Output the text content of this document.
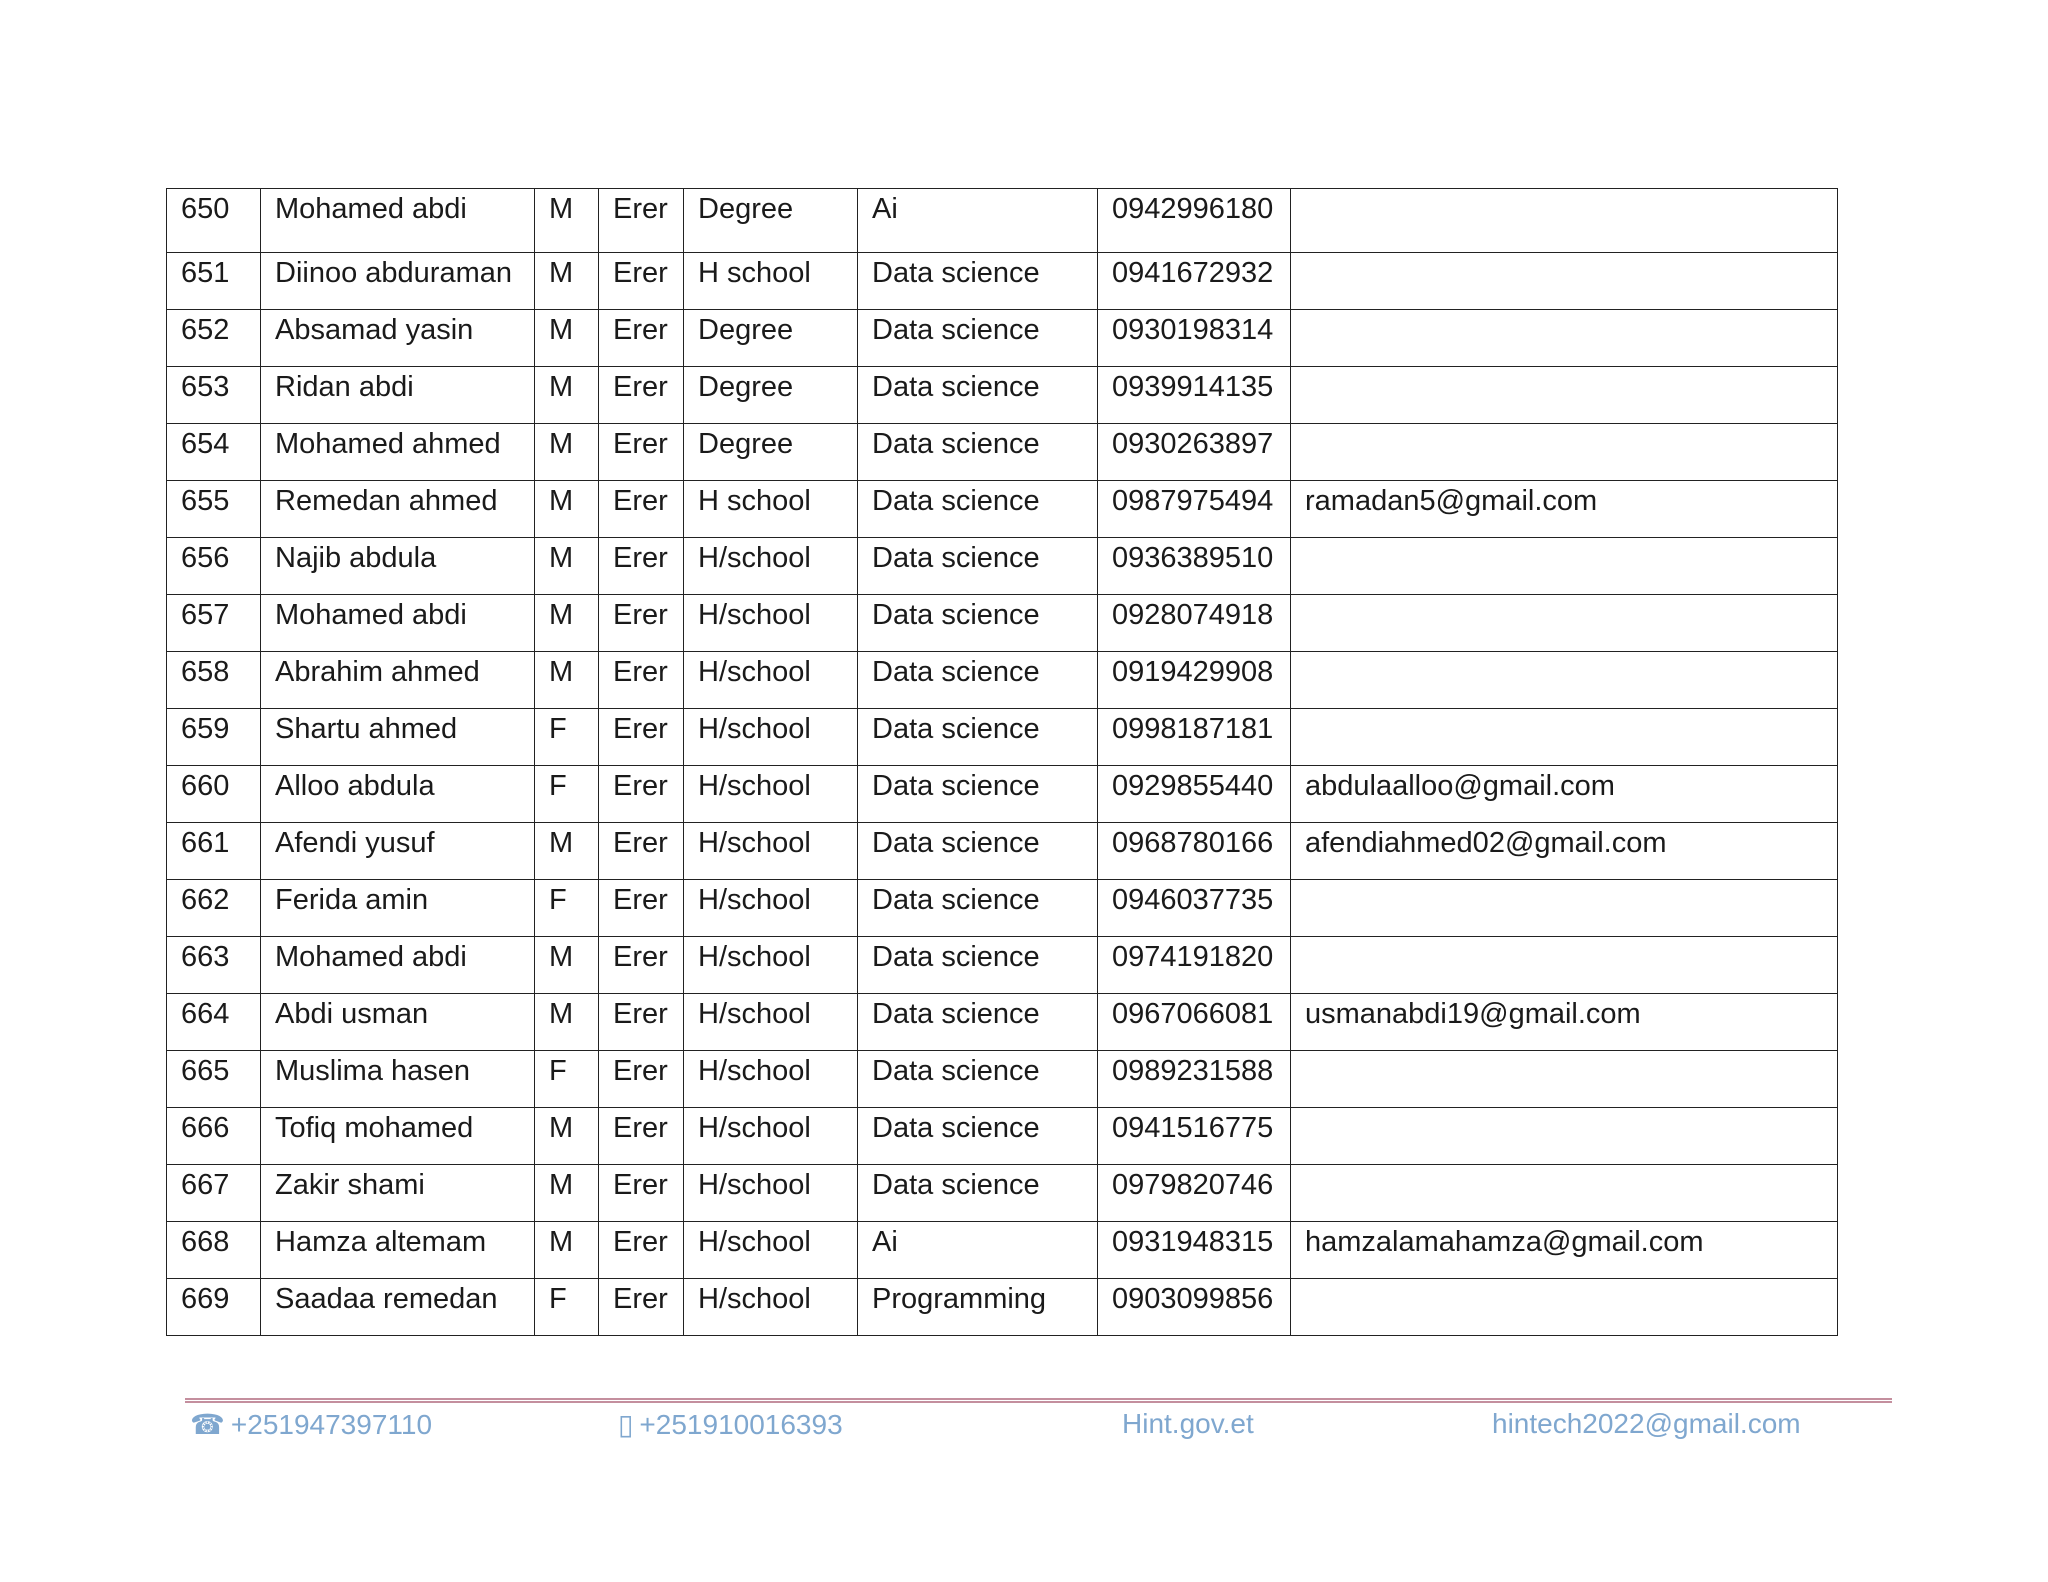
650	Mohamed abdi	M	Erer	Degree	Ai	0942996180	
651	Diinoo abduraman	M	Erer	H school	Data science	0941672932	
652	Absamad yasin	M	Erer	Degree	Data science	0930198314	
653	Ridan abdi	M	Erer	Degree	Data science	0939914135	
654	Mohamed ahmed	M	Erer	Degree	Data science	0930263897	
655	Remedan ahmed	M	Erer	H school	Data science	0987975494	ramadan5@gmail.com
656	Najib abdula	M	Erer	H/school	Data science	0936389510	
657	Mohamed abdi	M	Erer	H/school	Data science	0928074918	
658	Abrahim ahmed	M	Erer	H/school	Data science	0919429908	
659	Shartu ahmed	F	Erer	H/school	Data science	0998187181	
660	Alloo abdula	F	Erer	H/school	Data science	0929855440	abdulaalloo@gmail.com
661	Afendi yusuf	M	Erer	H/school	Data science	0968780166	afendiahmed02@gmail.com
662	Ferida amin	F	Erer	H/school	Data science	0946037735	
663	Mohamed abdi	M	Erer	H/school	Data science	0974191820	
664	Abdi usman	M	Erer	H/school	Data science	0967066081	usmanabdi19@gmail.com
665	Muslima hasen	F	Erer	H/school	Data science	0989231588	
666	Tofiq mohamed	M	Erer	H/school	Data science	0941516775	
667	Zakir shami	M	Erer	H/school	Data science	0979820746	
668	Hamza altemam	M	Erer	H/school	Ai	0931948315	hamzalamahamza@gmail.com
669	Saadaa remedan	F	Erer	H/school	Programming	0903099856	
☎ +251947397110	▯ +251910016393	Hint.gov.et	hintech2022@gmail.com
